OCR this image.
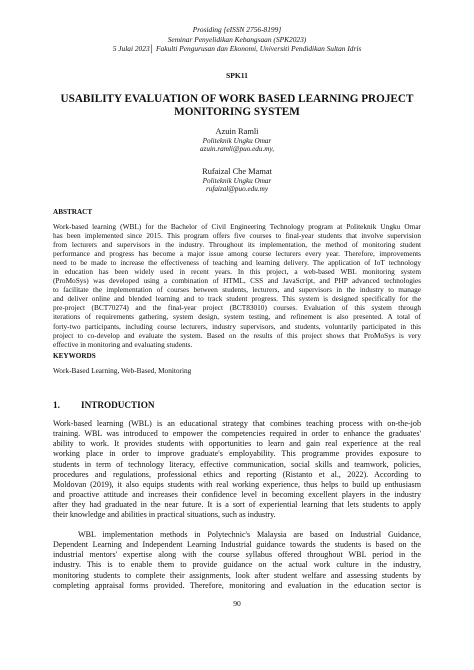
Prosiding [eISSN 2756-8199]
Seminar Penyelidikan Kebangsaan (SPK2023)
5 Julai 2023│ Fakulti Pengurusan dan Ekonomi, Universiti Pendidikan Sultan Idris
SPK11
USABILITY EVALUATION OF WORK BASED LEARNING PROJECT
MONITORING SYSTEM
Azuin Ramli
Politeknik Ungku Omar
azuin.ramli@puo.edu.my,
Rufaizal Che Mamat
Politeknik Ungku Omar
rufaizal@puo.edu.my
ABSTRACT
Work-based learning (WBL) for the Bachelor of Civil Engineering Technology program at Politeknik Ungku Omar
has been implemented since 2015. This program offers five courses to final-year students that involve supervision
from lecturers and supervisors in the industry. Throughout its implementation, the method of monitoring student
performance and progress has become a major issue among course lecturers every year. Therefore, improvements
need to be made to increase the effectiveness of teaching and learning delivery. The application of IoT technology
in education has been widely used in recent years. In this project, a web-based WBL monitoring system
(ProMoSys) was developed using a combination of HTML, CSS and JavaScript, and PHP advanced technologies
to facilitate the implementation of courses between students, lecturers, and supervisors in the industry to manage
and deliver online and blended learning and to track student progress. This system is designed specifically for the
pre-project (BCT70274) and the final-year project (BCT83010) courses. Evaluation of this system through
iterations of requirements gathering, system design, system testing, and refinement is also presented. A total of
forty-two participants, including course lecturers, industry supervisors, and students, voluntarily participated in this
project to co-develop and evaluate the system. Based on the results of this project shows that ProMoSys is very
effective in monitoring and evaluating students.
KEYWORDS
Work-Based Learning, Web-Based, Monitoring
1. INTRODUCTION
Work-based learning (WBL) is an educational strategy that combines teaching process with on-the-job
training. WBL was introduced to empower the competencies required in order to enhance the graduates'
ability to work. It provides students with opportunities to learn and gain real experience at the real
working place in order to improve graduate's employability. This programme provides exposure to
students in term of technology literacy, effective communication, social skills and teamwork, policies,
procedures and regulations, professional ethics and reporting (Ristanto et al., 2022). According to
Moldovan (2019), it also equips students with real working experience, thus helps to build up enthusiasm
and proactive attitude and increases their confidence level in becoming excellent players in the industry
after they had graduated in the near future. It is a sort of experiential learning that lets students to apply
their knowledge and abilities in practical situations, such as industry.
WBL implementation methods in Polytechnic's Malaysia are based on Industrial Guidance,
Dependent Learning and Independent Learning Industrial guidance towards the students is based on the
industrial mentors' expertise along with the course syllabus offered throughout WBL period in the
industry. This is to enable them to provide guidance on the actual work culture in the industry,
monitoring students to complete their assignments, look after student welfare and assessing students by
completing appraisal forms provided. Therefore, monitoring and evaluation in the education sector is
90
